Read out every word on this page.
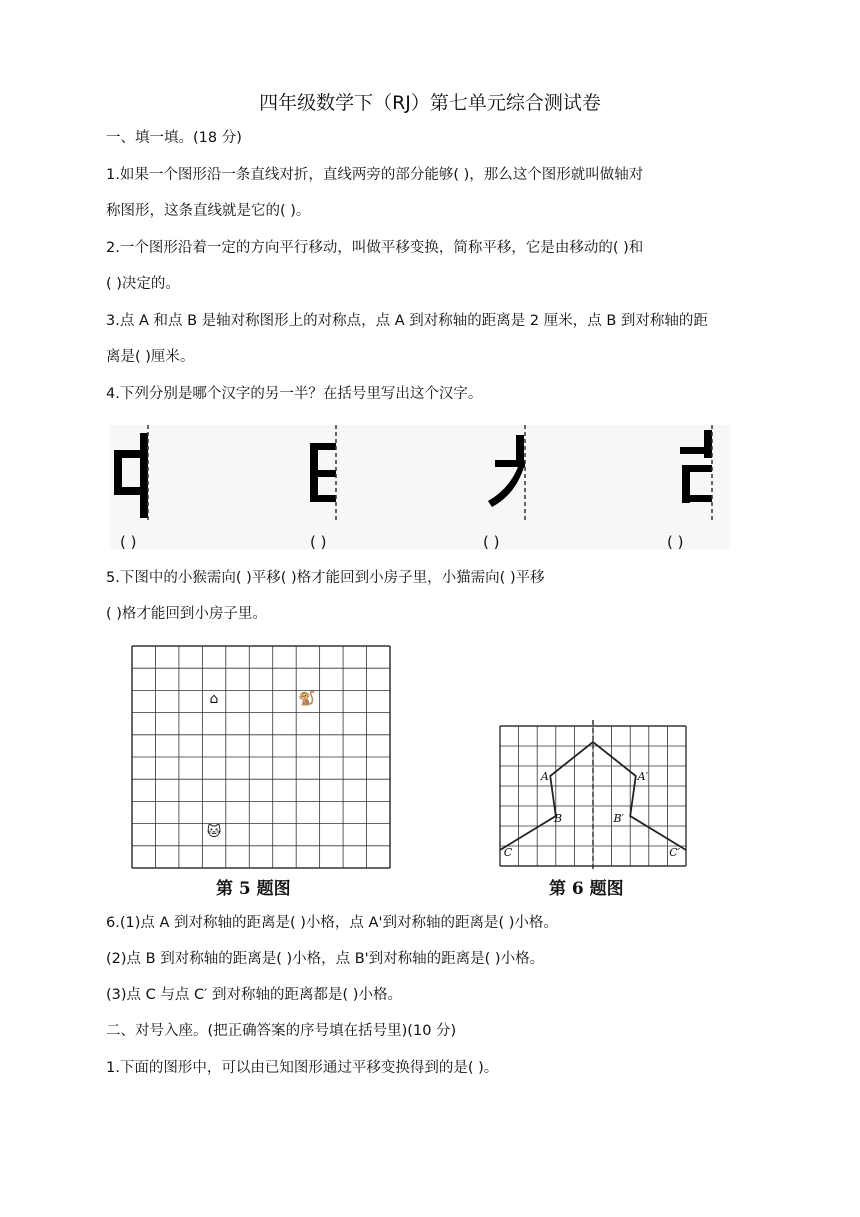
四年级数学下（RJ）第七单元综合测试卷
一、填一填。(18 分)
1.如果一个图形沿一条直线对折，直线两旁的部分能够( )，那么这个图形就叫做轴对
称图形，这条直线就是它的( )。
2.一个图形沿着一定的方向平行移动，叫做平移变换，简称平移，它是由移动的( )和
( )决定的。
3.点 A 和点 B 是轴对称图形上的对称点，点 A 到对称轴的距离是 2 厘米，点 B 到对称轴的距
离是( )厘米。
4.下列分别是哪个汉字的另一半？在括号里写出这个汉字。
( )	( )	( )	( )
5.下图中的小猴需向( )平移( )格才能回到小房子里，小猫需向( )平移
( )格才能回到小房子里。
⌂	🐒
🐱
第 5 题图
A	A′
B	B′
C	C′
第 6 题图
6.(1)点 A 到对称轴的距离是( )小格，点 A'到对称轴的距离是( )小格。
(2)点 B 到对称轴的距离是( )小格，点 B'到对称轴的距离是( )小格。
(3)点 C 与点 C′ 到对称轴的距离都是( )小格。
二、对号入座。(把正确答案的序号填在括号里)(10 分)
1.下面的图形中，可以由已知图形通过平移变换得到的是( )。
